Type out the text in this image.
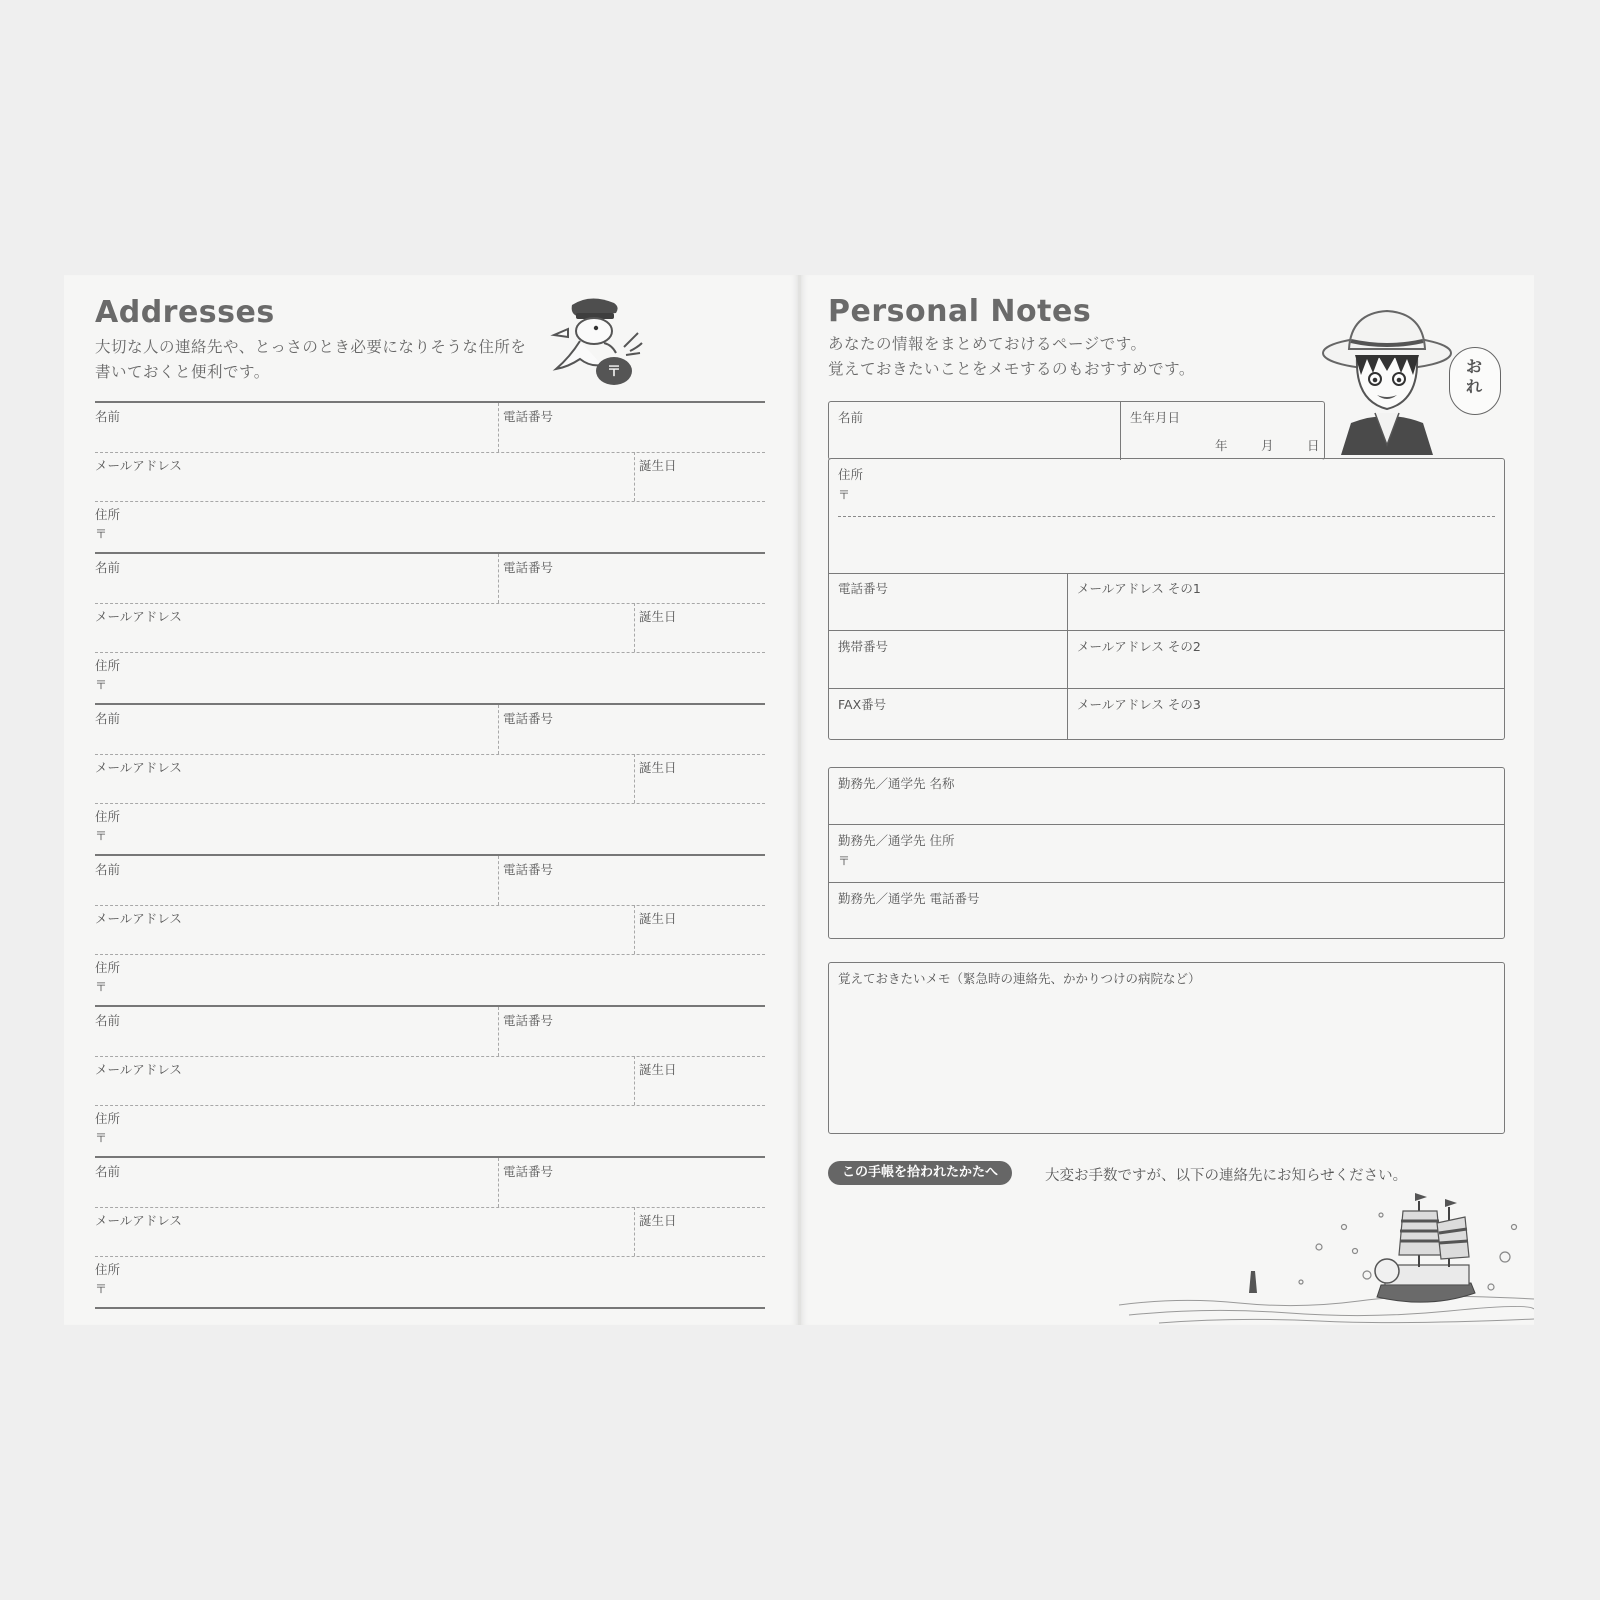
Addresses
大切な人の連絡先や、とっさのとき必要になりそうな住所を
書いておくと便利です。	〒
名前	電話番号
メールアドレス	誕生日
住所
〒
名前	電話番号
メールアドレス	誕生日
住所
〒
名前	電話番号
メールアドレス	誕生日
住所
〒
名前	電話番号
メールアドレス	誕生日
住所
〒
名前	電話番号
メールアドレス	誕生日
住所
〒
名前	電話番号
メールアドレス	誕生日
住所
〒
Personal Notes
あなたの情報をまとめておけるページです。
覚えておきたいことをメモするのもおすすめです。	お
れ
名前	生年月日
年	月	日
住所
〒
電話番号	メールアドレス その1
携帯番号	メールアドレス その2
FAX番号	メールアドレス その3
勤務先／通学先 名称
勤務先／通学先 住所
〒
勤務先／通学先 電話番号
覚えておきたいメモ（緊急時の連絡先、かかりつけの病院など）
この手帳を拾われたかたへ	大変お手数ですが、以下の連絡先にお知らせください。
